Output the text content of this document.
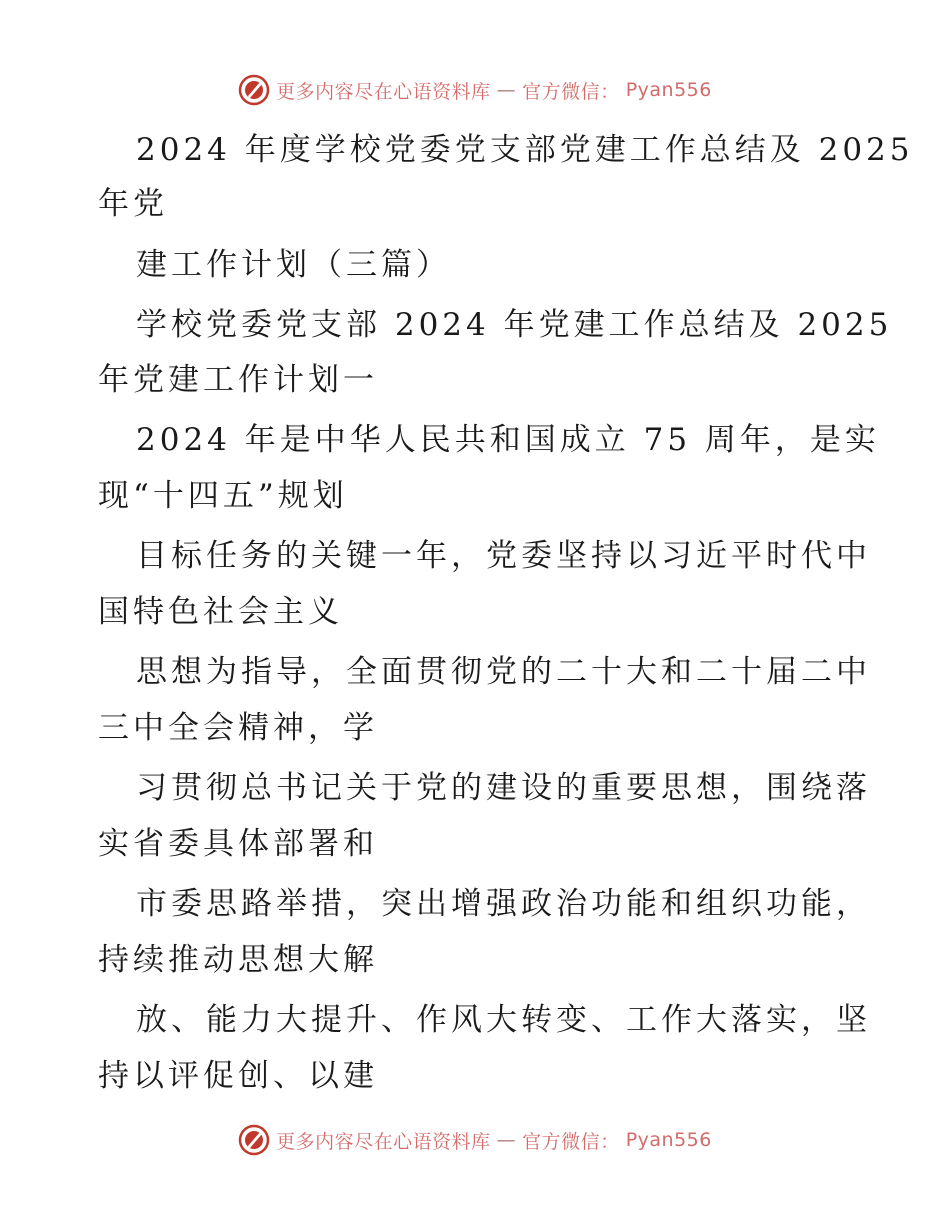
更多内容尽在心语资料库 — 官方微信： Pyan556
2024 年度学校党委党支部党建工作总结及 2025
年党
建工作计划（三篇）
学校党委党支部 2024 年党建工作总结及 2025
年党建工作计划一
2024 年是中华人民共和国成立 75 周年，是实
现“十四五”规划
目标任务的关键一年，党委坚持以习近平时代中
国特色社会主义
思想为指导，全面贯彻党的二十大和二十届二中
三中全会精神，学
习贯彻总书记关于党的建设的重要思想，围绕落
实省委具体部署和
市委思路举措，突出增强政治功能和组织功能，
持续推动思想大解
放、能力大提升、作风大转变、工作大落实，坚
持以评促创、以建
更多内容尽在心语资料库 — 官方微信： Pyan556
